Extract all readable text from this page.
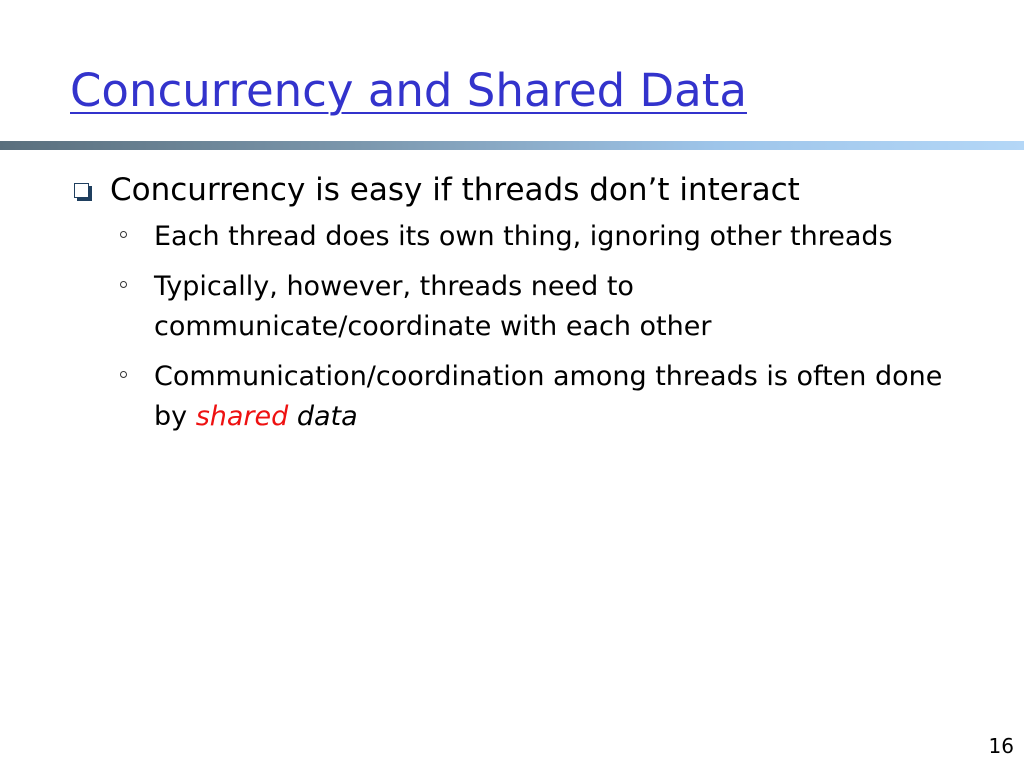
Concurrency and Shared Data
Concurrency is easy if threads don’t interact
Each thread does its own thing, ignoring other threads
Typically, however, threads need to communicate/coordinate with each other
Communication/coordination among threads is often done by shared data
16
